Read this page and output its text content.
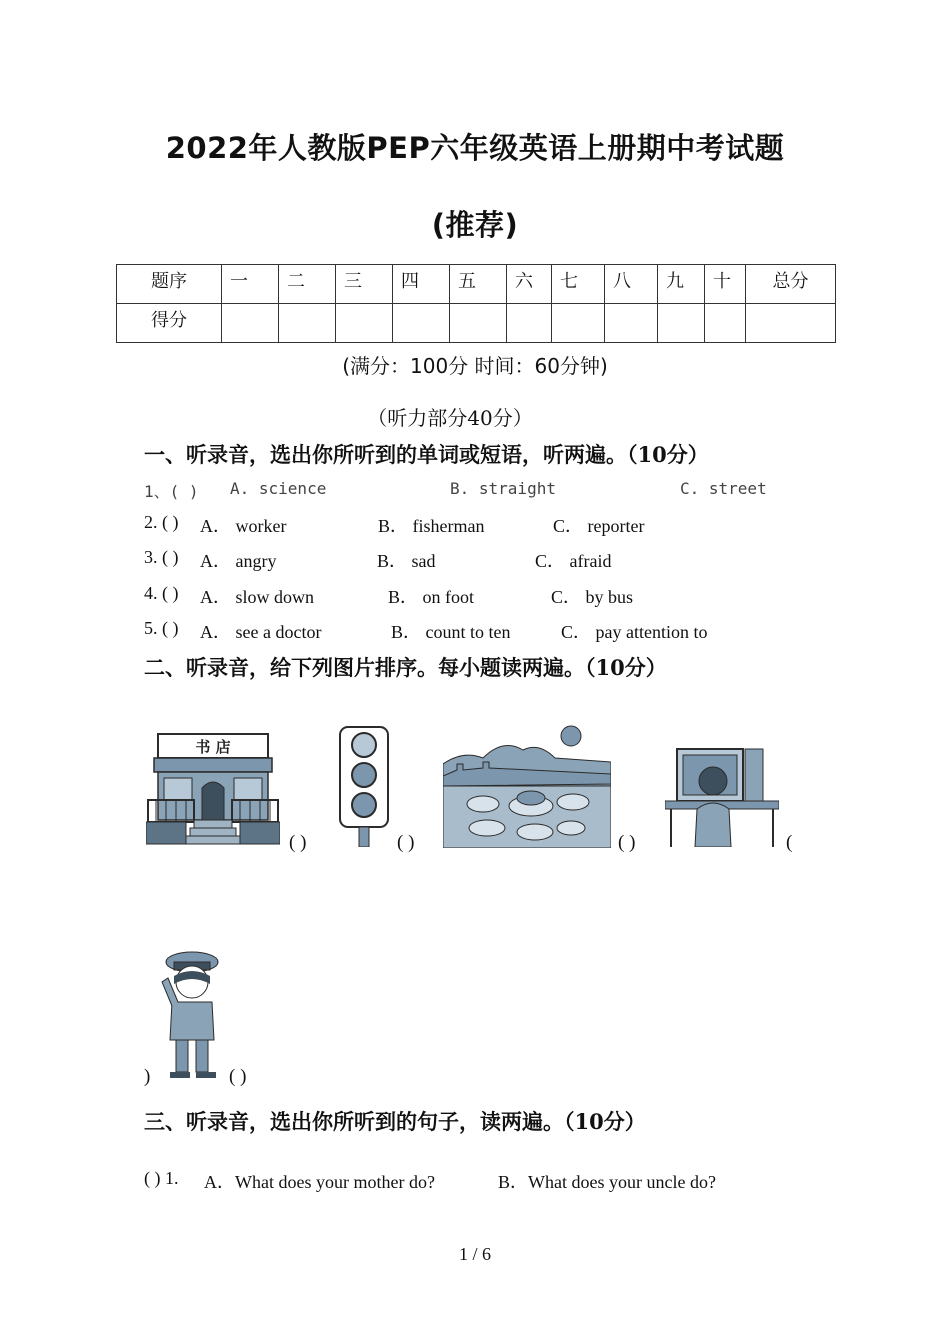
2022年人教版PEP六年级英语上册期中考试题
(推荐)
题序	一	二	三	四	五	六	七	八	九	十	总分
得分											
(满分：100分 时间：60分钟)
（听力部分40分）
一、听录音，选出你所听到的单词或短语，听两遍。（10分）
1、( ) A. science	B. straight	C. street
2. ( ) A． worker	B． fisherman	C． reporter
3. ( ) A． angry	B． sad	C． afraid
4. ( ) A． slow down	B． on foot	C． by bus
5. ( ) A． see a doctor	B． count to ten	C． pay attention to
二、听录音，给下列图片排序。每小题读两遍。（10分）
书 店
( )	( )	( )	(
)	( )
三、听录音，选出你所听到的句子，读两遍。（10分）
( ) 1. A．What does your mother do?	B．What does your uncle do?
1 / 6
